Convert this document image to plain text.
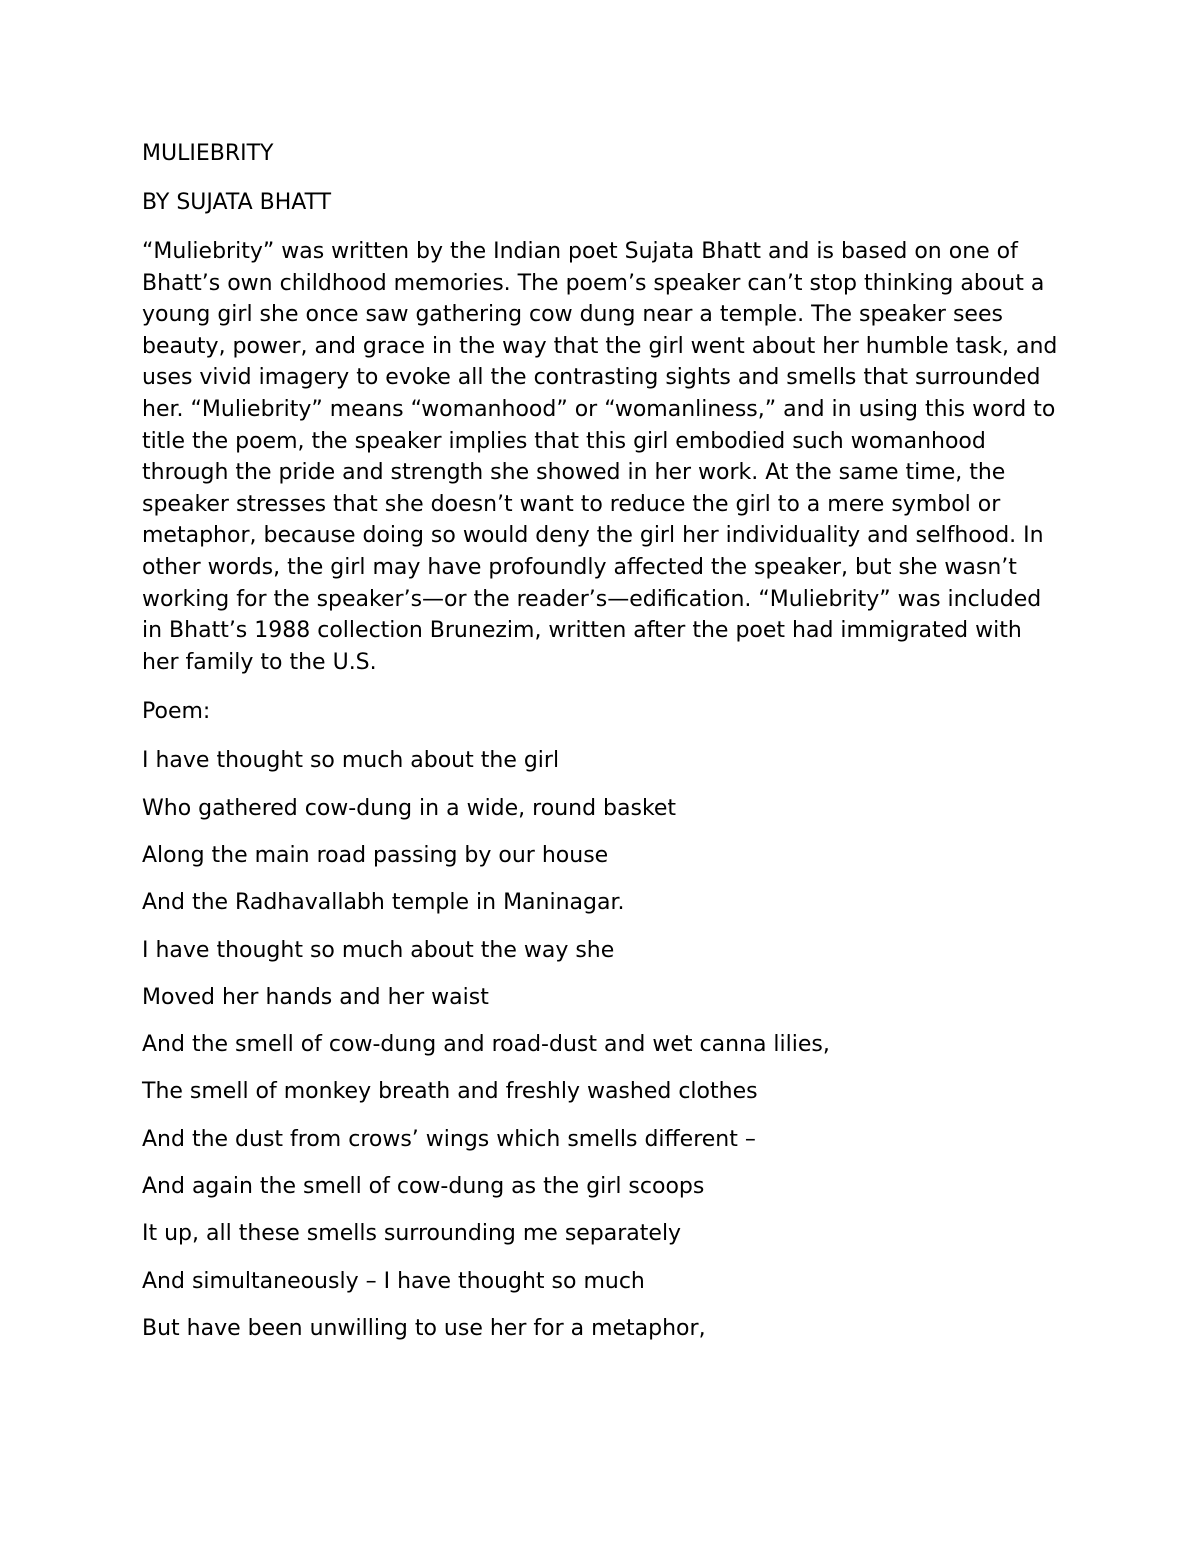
MULIEBRITY

BY SUJATA BHATT

“Muliebrity” was written by the Indian poet Sujata Bhatt and is based on one of Bhatt’s own childhood memories. The poem’s speaker can’t stop thinking about a young girl she once saw gathering cow dung near a temple. The speaker sees beauty, power, and grace in the way that the girl went about her humble task, and uses vivid imagery to evoke all the contrasting sights and smells that surrounded her. “Muliebrity” means “womanhood” or “womanliness,” and in using this word to title the poem, the speaker implies that this girl embodied such womanhood through the pride and strength she showed in her work. At the same time, the speaker stresses that she doesn’t want to reduce the girl to a mere symbol or metaphor, because doing so would deny the girl her individuality and selfhood. In other words, the girl may have profoundly affected the speaker, but she wasn’t working for the speaker’s—or the reader’s—edification. “Muliebrity” was included in Bhatt’s 1988 collection Brunezim, written after the poet had immigrated with her family to the U.S.

Poem:

I have thought so much about the girl

Who gathered cow-dung in a wide, round basket

Along the main road passing by our house

And the Radhavallabh temple in Maninagar.

I have thought so much about the way she

Moved her hands and her waist

And the smell of cow-dung and road-dust and wet canna lilies,

The smell of monkey breath and freshly washed clothes

And the dust from crows’ wings which smells different –

And again the smell of cow-dung as the girl scoops

It up, all these smells surrounding me separately

And simultaneously – I have thought so much

But have been unwilling to use her for a metaphor,
